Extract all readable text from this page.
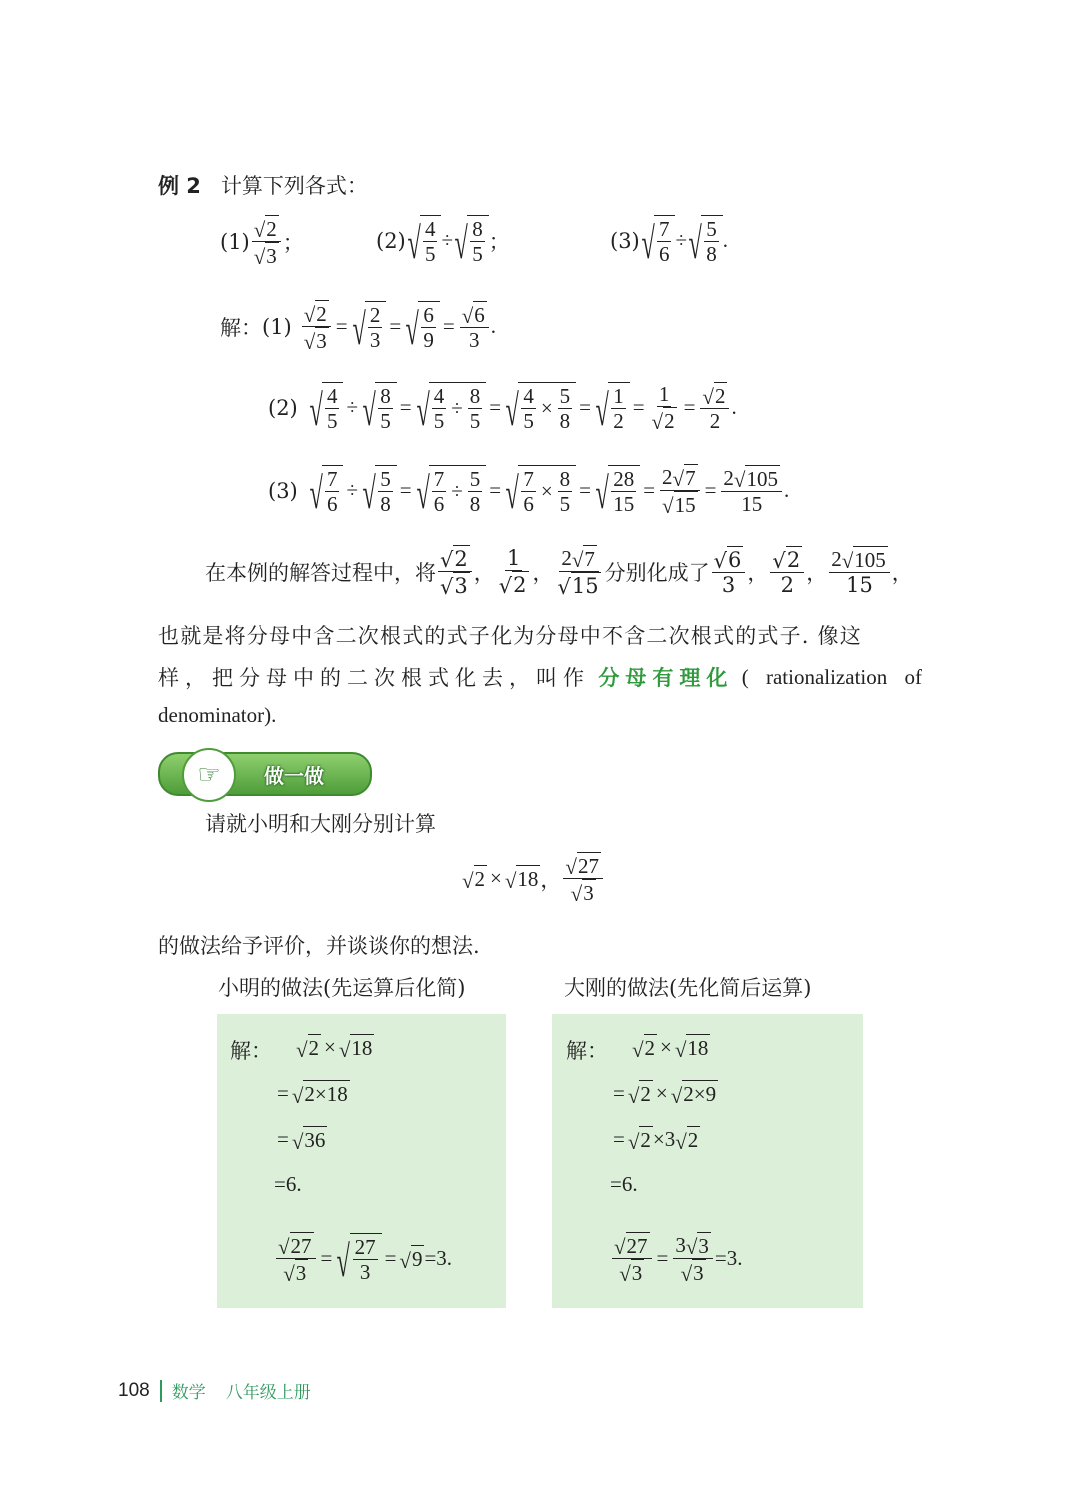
例 2 计算下列各式：
$(1) \frac{√ 2}{√ 3}$ ；	(2) √ $\frac{4}{5}$ ÷ √ $\frac{8}{5}$ ；	(3) √ $\frac{7}{6}$ ÷ √ $\frac{5}{8}$ .
解： $(1) \frac{√ 2}{√ 3}$ = √ $\frac{2}{3}$ = √ $\frac{6}{9} = \frac{√ 6}{3}$ .
(2) √ $\frac{4}{5}$ ÷ √ $\frac{8}{5}$ = √ $\frac{4}{5} \div \frac{8}{5}$ = √ $\frac{4}{5} \times \frac{5}{8}$ = √ $\frac{1}{2} = \frac{1}{√ 2} = \frac{√ 2}{2}$ .
(3) √ $\frac{7}{6}$ ÷ √ $\frac{5}{8}$ = √ $\frac{7}{6} \div \frac{5}{8}$ = √ $\frac{7}{6} \times \frac{8}{5}$ = √ $\frac{28}{15} = \frac{2 √ 7}{√ 15} = \frac{2 √ 105}{15}$ .
在本例的解答过程中，将 $\frac{√ 2}{√ 3}$ ， $\frac{1}{√ 2}$ ， $\frac{2 √ 7}{√ 15}$ 分别化成了 $\frac{√ 6}{3}$ ， $\frac{√ 2}{2}$ ， $\frac{2 √ 105}{15}$ ，
也就是将分母中含二次根式的式子化为分母中不含二次根式的式子. 像这
样，把分母中的二次根式化去，叫作 分母有理化 ( rationalization of
denominator).
☞	做一做
请就小明和大刚分别计算
√ 2 × √ 18 ， $\frac{√ 27}{√ 3}$
的做法给予评价，并谈谈你的想法.
小明的做法(先运算后化简)	大刚的做法(先化简后运算)
108 数学 八年级上册
解： √ 2 × √ 18
= √ 2×18
= √ 36
=6.
$\frac{√ 27}{√ 3}$ = √ $\frac{27}{3}$ = √ 9 =3.
解： √ 2 × √ 18
= √ 2 × √ 2×9
= √ 2 ×3 √ 2
=6.
$\frac{√ 27}{√ 3} = \frac{3 √ 3}{√ 3} =3$.
